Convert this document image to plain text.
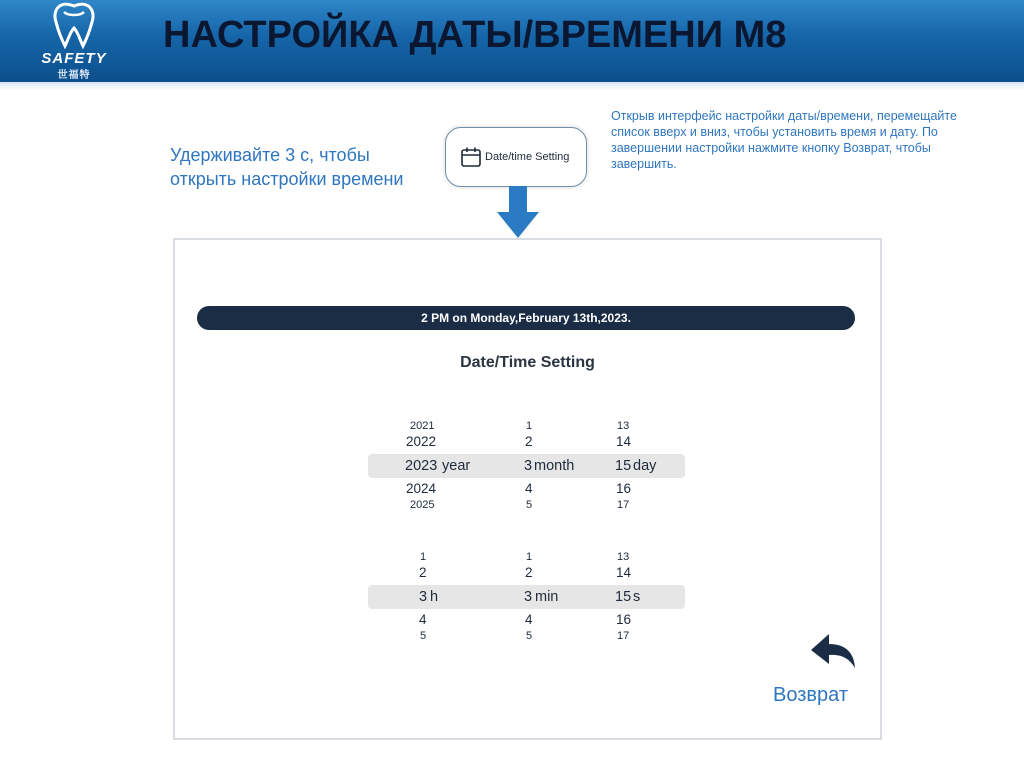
SAFETY
世福特
НАСТРОЙКА ДАТЫ/ВРЕМЕНИ M8
Удерживайте 3 с, чтобы открыть настройки времени
Date/time Setting
Открыв интерфейс настройки даты/времени, перемещайте список вверх и вниз, чтобы установить время и дату. По завершении настройки нажмите кнопку Возврат, чтобы завершить.
2 PM on Monday,February 13th,2023.
Date/Time Setting
2021
2022
2023 year
2024
2025
1
2
3 month
4
5
13
14
15 day
16
17
1
2
3 h
4
5
1
2
3 min
4
5
13
14
15 s
16
17
Возврат
